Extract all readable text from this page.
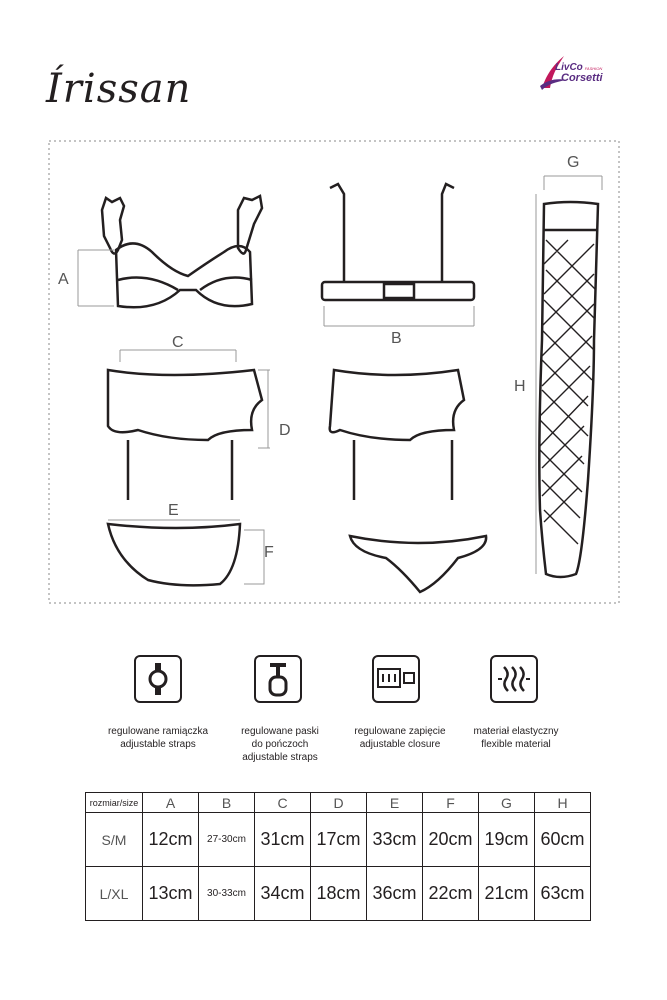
Írissan	LivCo FASHION
Corsetti
A
B
C
D
E
F
G
H
regulowane ramiączka
adjustable straps
regulowane paski
do pończoch
adjustable straps
regulowane zapięcie
adjustable closure
materiał elastyczny
flexible material
rozmiar/size	A	B	C	D	E	F	G	H
S/M	12cm	27-30cm	31cm	17cm	33cm	20cm	19cm	60cm
L/XL	13cm	30-33cm	34cm	18cm	36cm	22cm	21cm	63cm
